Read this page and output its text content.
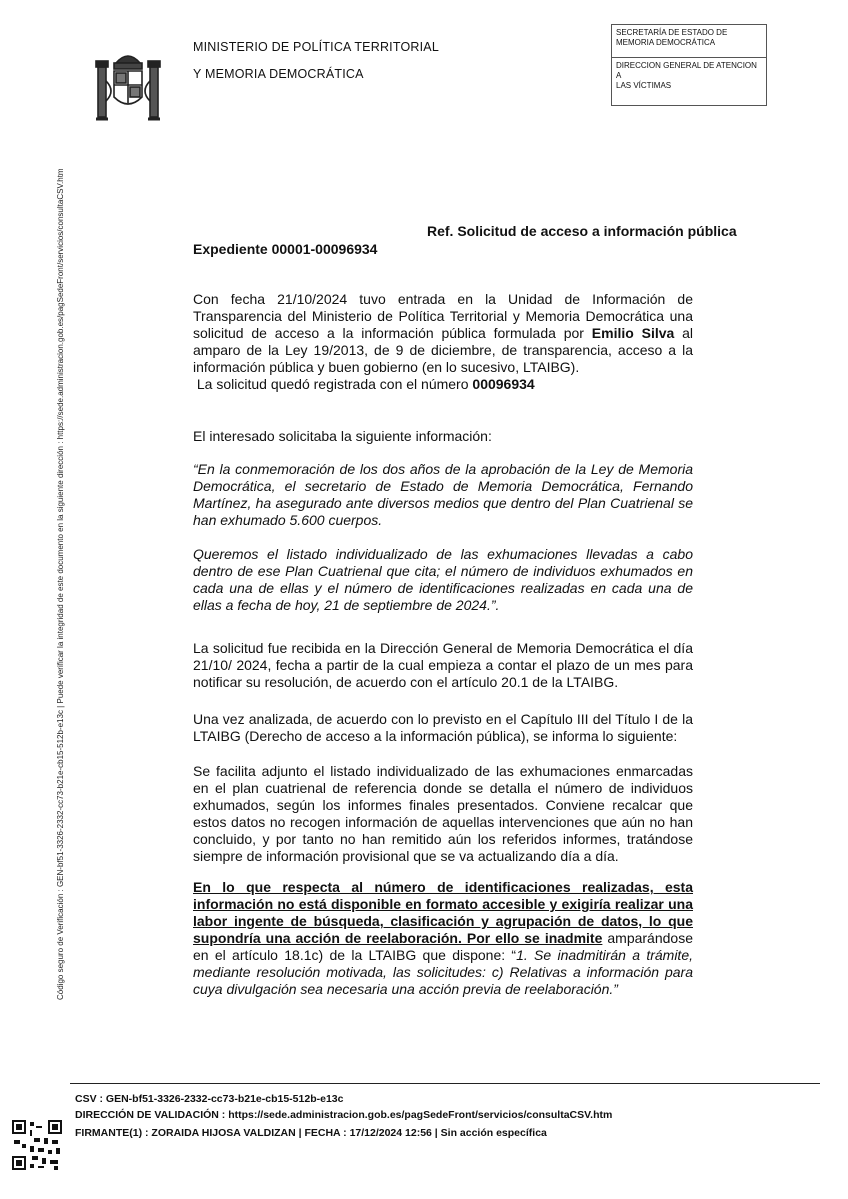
MINISTERIO DE POLÍTICA TERRITORIAL
Y MEMORIA DEMOCRÁTICA
SECRETARÍA DE ESTADO DE
MEMORIA DEMOCRÁTICA
DIRECCION GENERAL DE ATENCION
A
LAS VÍCTIMAS
Código seguro de Verificación : GEN-bf51-3326-2332-cc73-b21e-cb15-512b-e13c | Puede verificar la integridad de este documento en la siguiente dirección : https://sede.administracion.gob.es/pagSedeFront/servicios/consultaCSV.htm	Ref. Solicitud de acceso a información pública
Expediente 00001-00096934
Con fecha 21/10/2024 tuvo entrada en la Unidad de Información de Transparencia del Ministerio de Política Territorial y Memoria Democrática una solicitud de acceso a la información pública formulada por Emilio Silva al amparo de la Ley 19/2013, de 9 de diciembre, de transparencia, acceso a la información pública y buen gobierno (en lo sucesivo, LTAIBG).
La solicitud quedó registrada con el número 00096934
El interesado solicitaba la siguiente información:
“En la conmemoración de los dos años de la aprobación de la Ley de Memoria Democrática, el secretario de Estado de Memoria Democrática, Fernando Martínez, ha asegurado ante diversos medios que dentro del Plan Cuatrienal se han exhumado 5.600 cuerpos.
Queremos el listado individualizado de las exhumaciones llevadas a cabo dentro de ese Plan Cuatrienal que cita; el número de individuos exhumados en cada una de ellas y el número de identificaciones realizadas en cada una de ellas a fecha de hoy, 21 de septiembre de 2024.”.
La solicitud fue recibida en la Dirección General de Memoria Democrática el día 21/10/ 2024, fecha a partir de la cual empieza a contar el plazo de un mes para notificar su resolución, de acuerdo con el artículo 20.1 de la LTAIBG.
Una vez analizada, de acuerdo con lo previsto en el Capítulo III del Título I de la LTAIBG (Derecho de acceso a la información pública), se informa lo siguiente:
Se facilita adjunto el listado individualizado de las exhumaciones enmarcadas en el plan cuatrienal de referencia donde se detalla el número de individuos exhumados, según los informes finales presentados. Conviene recalcar que estos datos no recogen información de aquellas intervenciones que aún no han concluido, y por tanto no han remitido aún los referidos informes, tratándose siempre de información provisional que se va actualizando día a día.
En lo que respecta al número de identificaciones realizadas, esta información no está disponible en formato accesible y exigiría realizar una labor ingente de búsqueda, clasificación y agrupación de datos, lo que supondría una acción de reelaboración. Por ello se inadmite amparándose en el artículo 18.1c) de la LTAIBG que dispone: “1. Se inadmitirán a trámite, mediante resolución motivada, las solicitudes: c) Relativas a información para cuya divulgación sea necesaria una acción previa de reelaboración.”
CSV : GEN-bf51-3326-2332-cc73-b21e-cb15-512b-e13c
DIRECCIÓN DE VALIDACIÓN : https://sede.administracion.gob.es/pagSedeFront/servicios/consultaCSV.htm
FIRMANTE(1) : ZORAIDA HIJOSA VALDIZAN | FECHA : 17/12/2024 12:56 | Sin acción específica
